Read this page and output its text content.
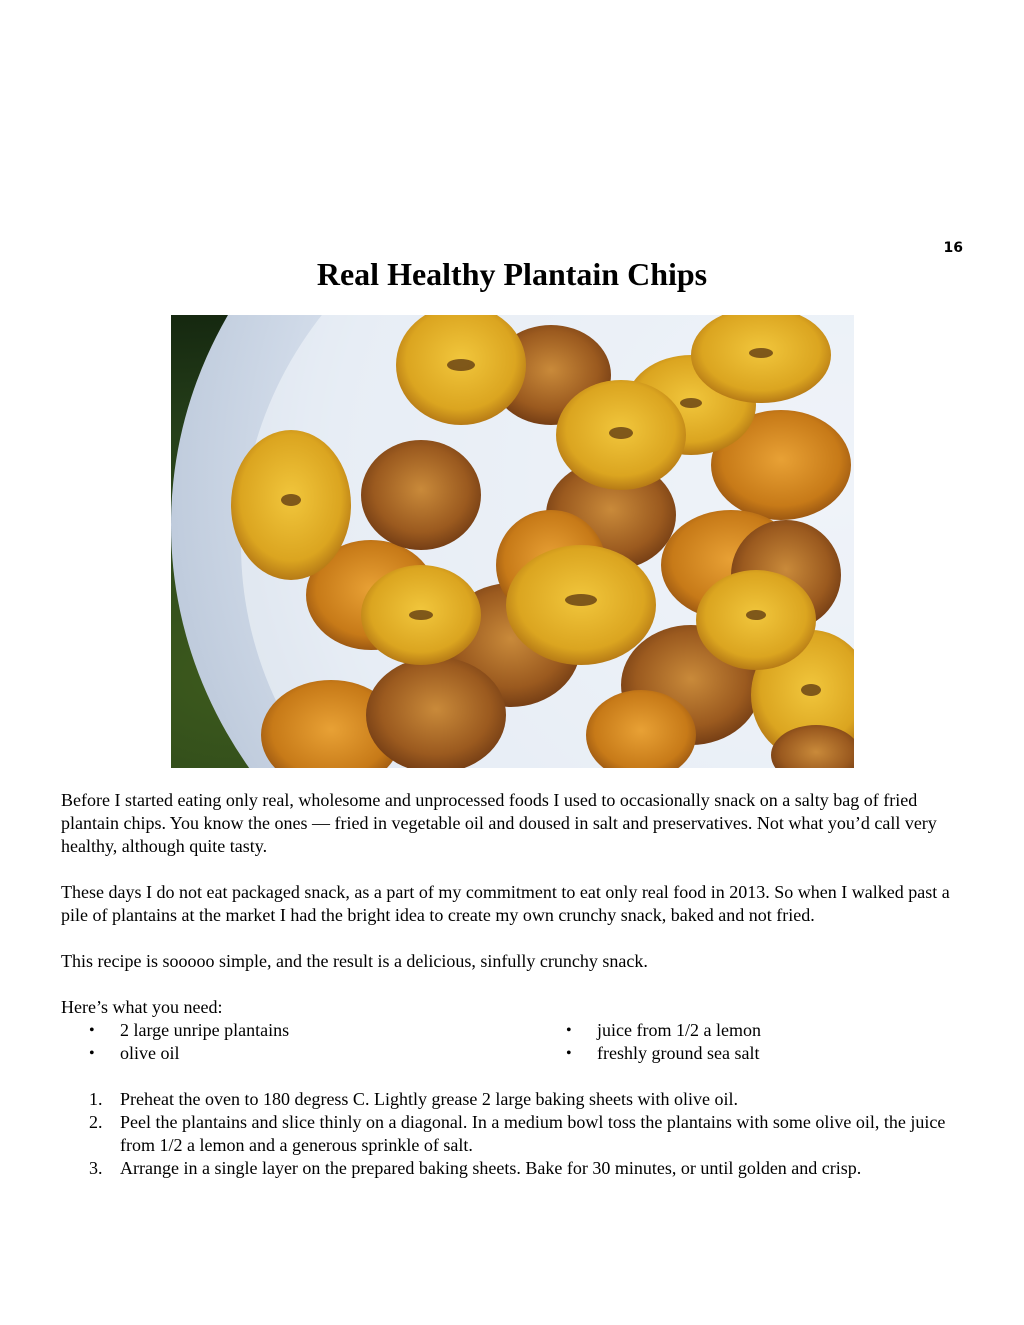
16
Real Healthy Plantain Chips

Before I started eating only real, wholesome and unprocessed foods I used to occasionally snack on a salty bag of fried plantain chips. You know the ones — fried in vegetable oil and doused in salt and preservatives. Not what you’d call very healthy, although quite tasty.

These days I do not eat packaged snack, as a part of my commitment to eat only real food in 2013. So when I walked past a pile of plantains at the market I had the bright idea to create my own crunchy snack, baked and not fried.

This recipe is sooooo simple, and the result is a delicious, sinfully crunchy snack.

Here’s what you need:

• 2 large unripe plantains
• olive oil
• juice from 1/2 a lemon
• freshly ground sea salt
1. Preheat the oven to 180 degress C. Lightly grease 2 large baking sheets with olive oil.
2. Peel the plantains and slice thinly on a diagonal. In a medium bowl toss the plantains with some olive oil, the juice from 1/2 a lemon and a generous sprinkle of salt.
3. Arrange in a single layer on the prepared baking sheets. Bake for 30 minutes, or until golden and crisp.
